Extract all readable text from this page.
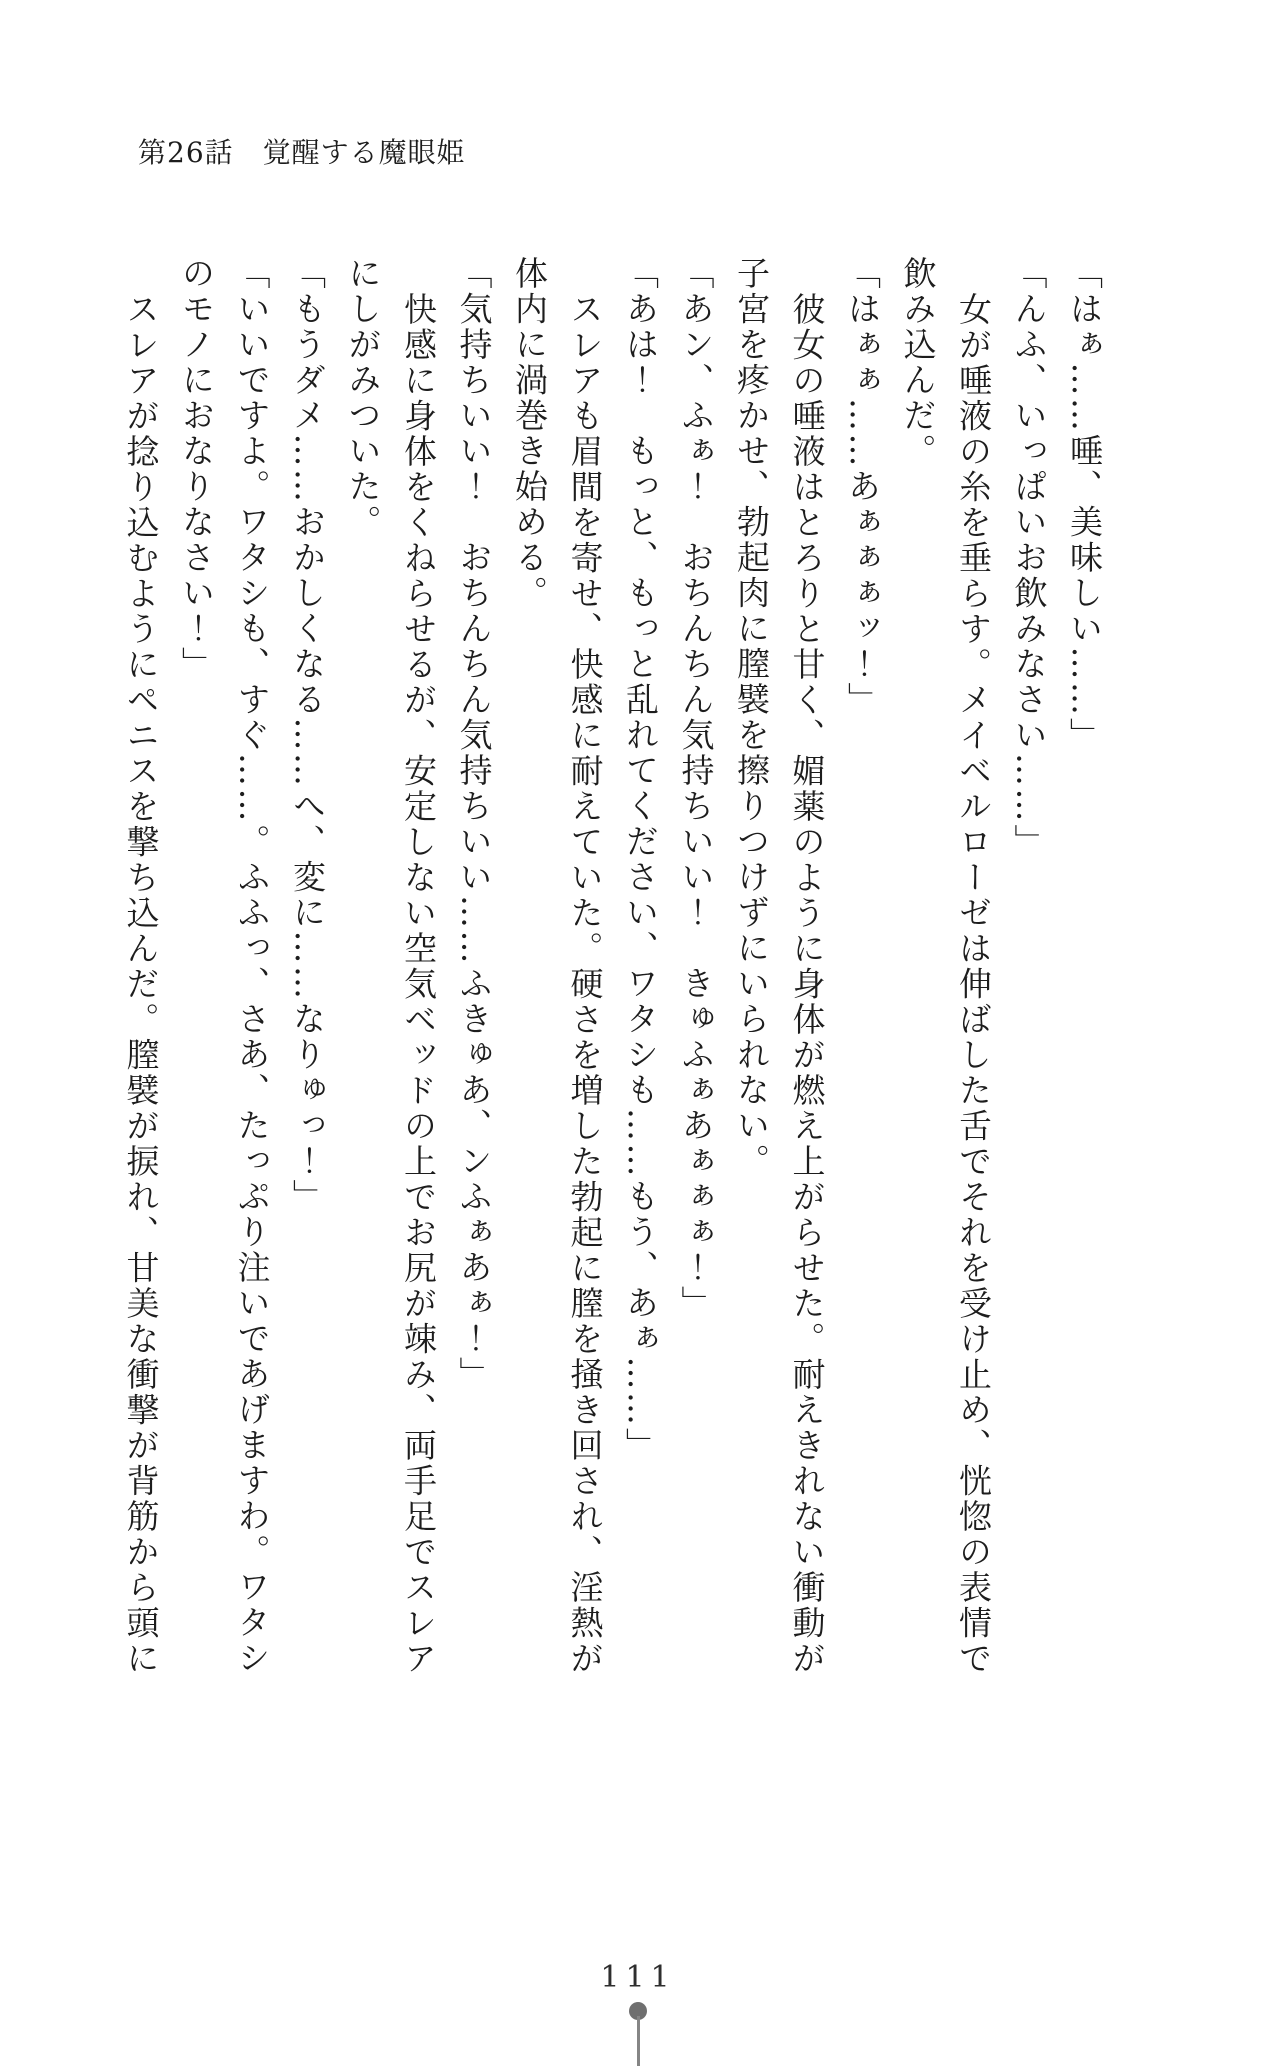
第26話　覚醒する魔眼姫

「はぁ……唾、美味しい……」

「んふ、いっぱいお飲みなさい……」

女が唾液の糸を垂らす。メイベルローゼは伸ばした舌でそれを受け止め、恍惚の表情で

飲み込んだ。

「はぁぁ……あぁぁぁッ！」

彼女の唾液はとろりと甘く、媚薬のように身体が燃え上がらせた。耐えきれない衝動が

子宮を疼かせ、勃起肉に膣襞を擦りつけずにいられない。

「あン、ふぁ！　おちんちん気持ちいい！　きゅふぁあぁぁぁ！」

「あは！　もっと、もっと乱れてください、ワタシも……もう、あぁ……」

スレアも眉間を寄せ、快感に耐えていた。硬さを増した勃起に膣を掻き回され、淫熱が

体内に渦巻き始める。

「気持ちいい！　おちんちん気持ちいい……ふきゅあ、ンふぁあぁ！」

快感に身体をくねらせるが、安定しない空気ベッドの上でお尻が竦み、両手足でスレア

にしがみついた。

「もうダメ……おかしくなる……へ、変に……なりゅっ！」

「いいですよ。ワタシも、すぐ……。ふふっ、さあ、たっぷり注いであげますわ。ワタシ

のモノにおなりなさい！」

スレアが捻り込むようにペニスを撃ち込んだ。膣襞が捩れ、甘美な衝撃が背筋から頭に

111
